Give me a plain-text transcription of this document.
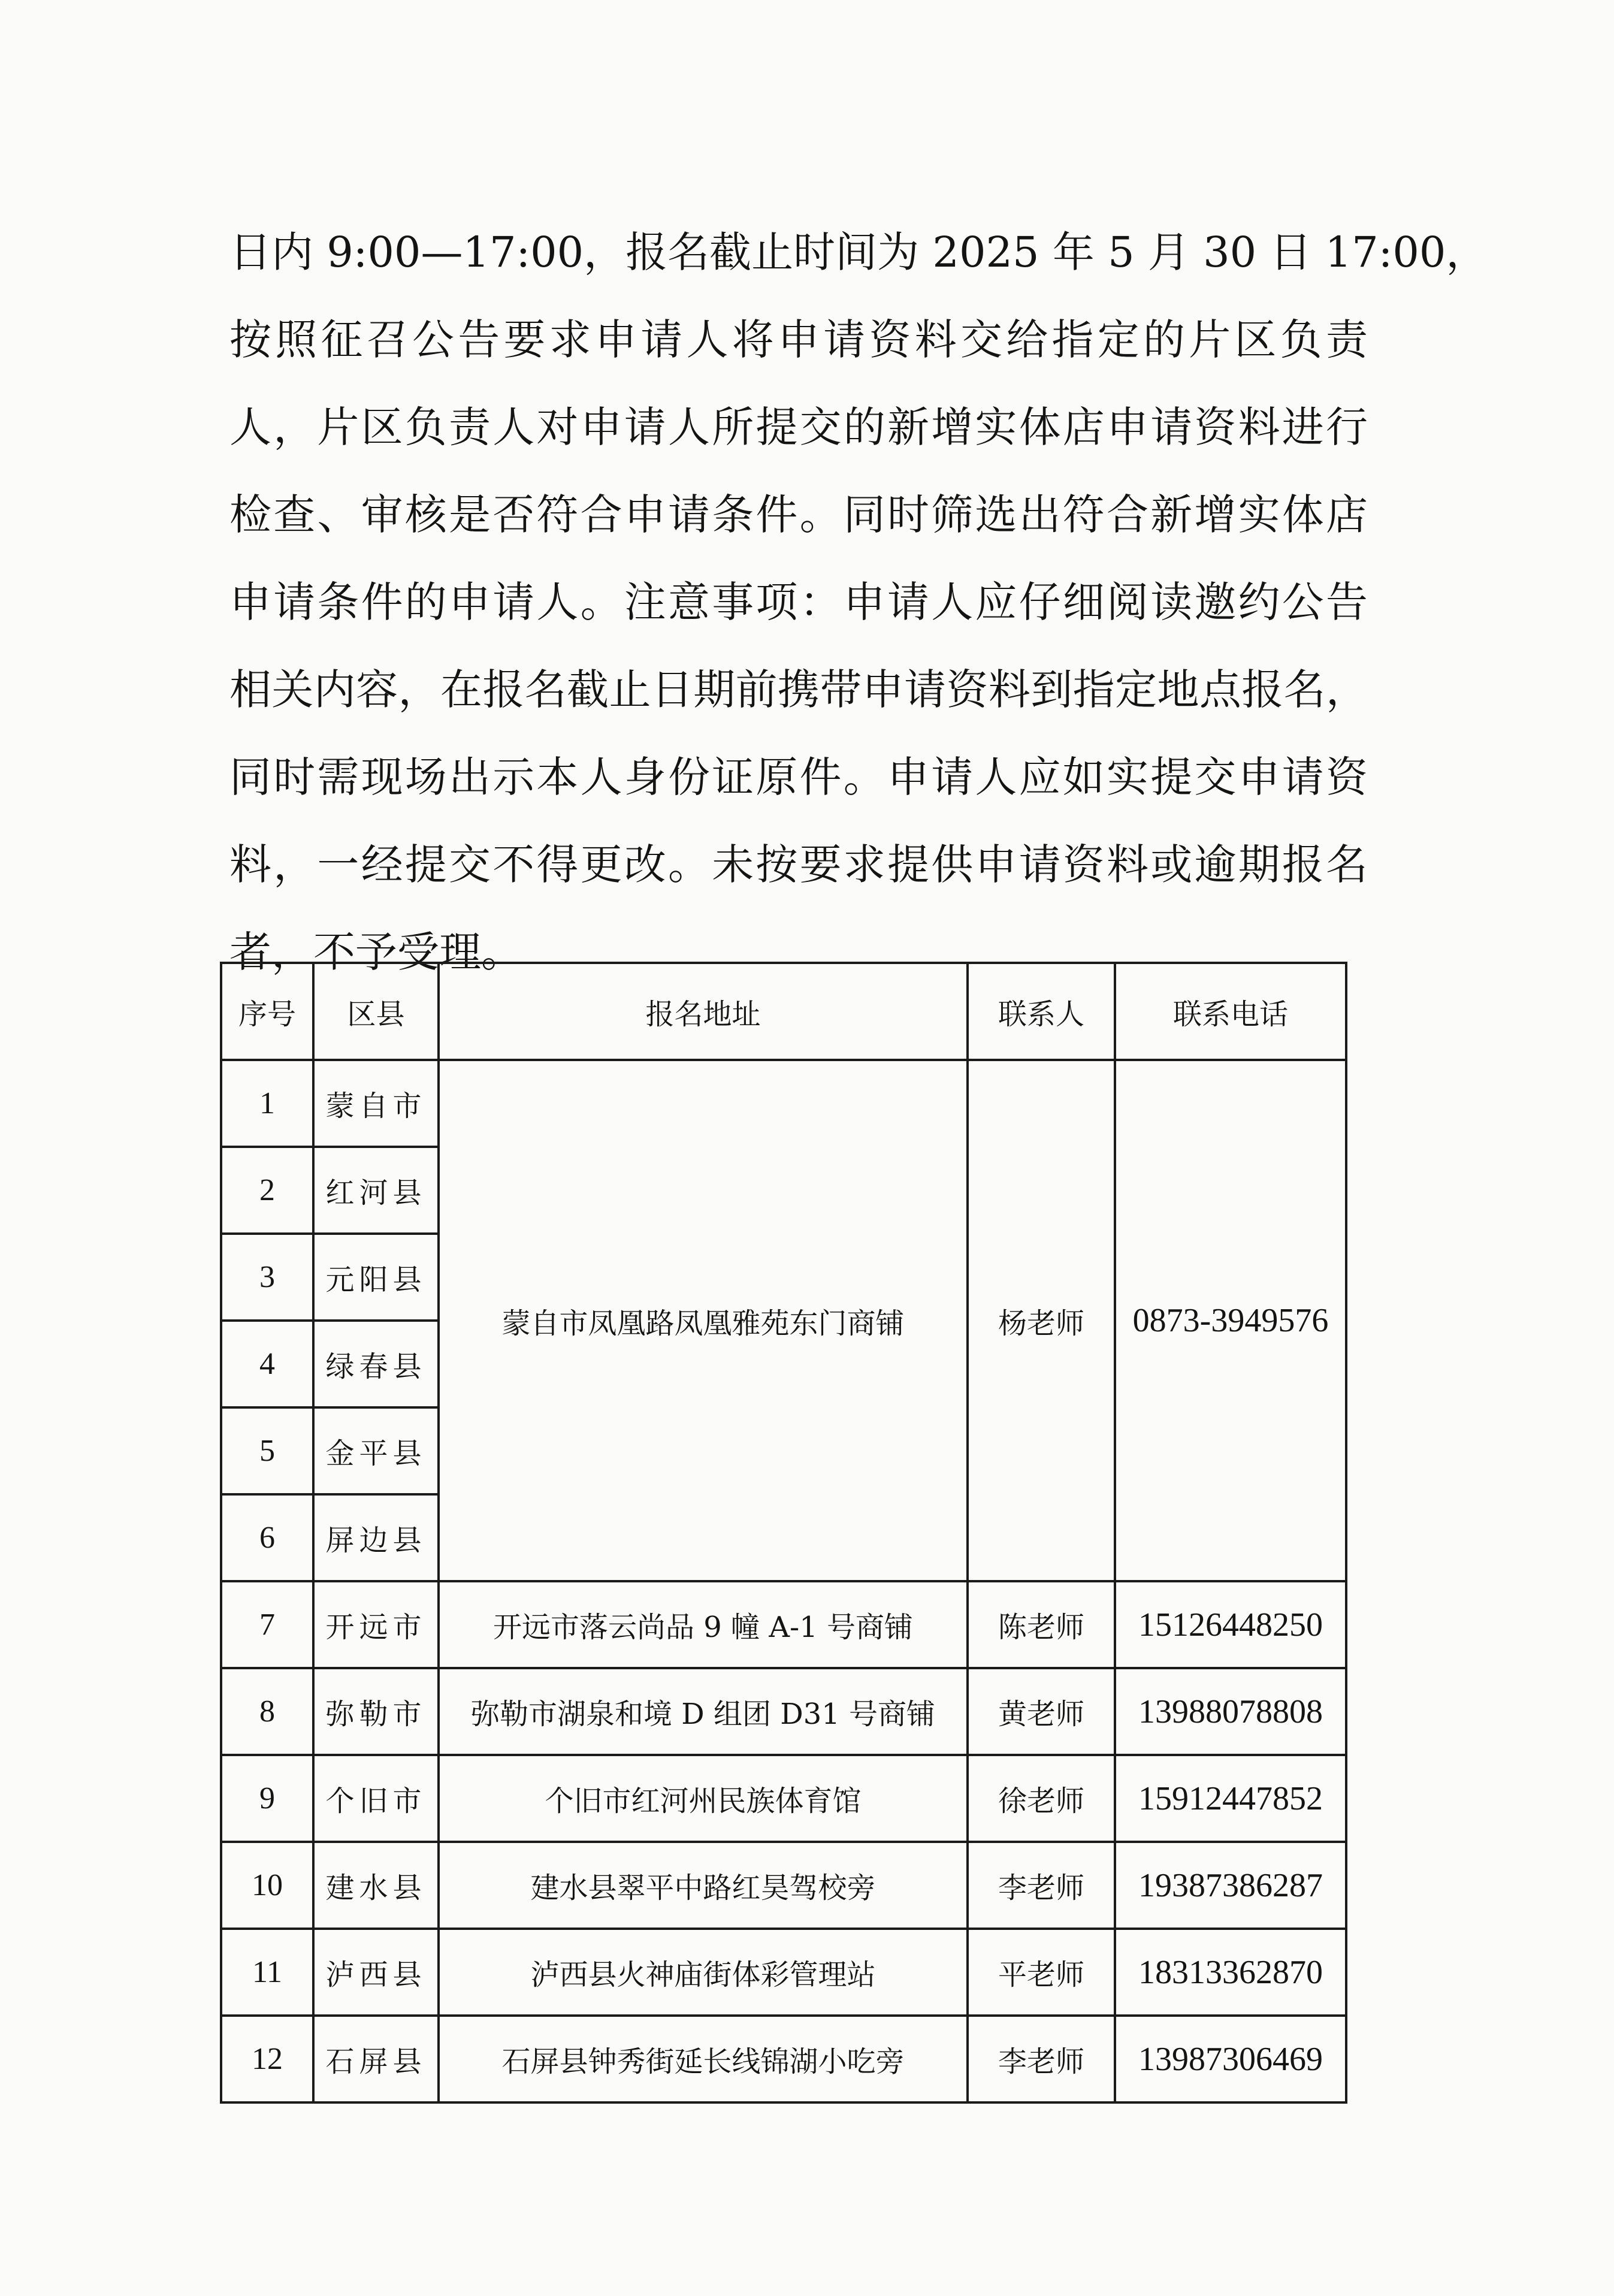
日内 9:00—17:00，报名截止时间为 2025 年 5 月 30 日 17:00，
按照征召公告要求申请人将申请资料交给指定的片区负责
人，片区负责人对申请人所提交的新增实体店申请资料进行
检查、审核是否符合申请条件。同时筛选出符合新增实体店
申请条件的申请人。注意事项：申请人应仔细阅读邀约公告
相关内容，在报名截止日期前携带申请资料到指定地点报名，
同时需现场出示本人身份证原件。申请人应如实提交申请资
料，一经提交不得更改。未按要求提供申请资料或逾期报名
者，不予受理。
序号	区县	报名地址	联系人	联系电话
1	蒙自市	蒙自市凤凰路凤凰雅苑东门商铺	杨老师	0873-3949576
2	红河县			
3	元阳县			
4	绿春县			
5	金平县			
6	屏边县			
7	开远市	开远市落云尚品 9 幢 A-1 号商铺	陈老师	15126448250
8	弥勒市	弥勒市湖泉和境 D 组团 D31 号商铺	黄老师	13988078808
9	个旧市	个旧市红河州民族体育馆	徐老师	15912447852
10	建水县	建水县翠平中路红昊驾校旁	李老师	19387386287
11	泸西县	泸西县火神庙街体彩管理站	平老师	18313362870
12	石屏县	石屏县钟秀街延长线锦湖小吃旁	李老师	13987306469
